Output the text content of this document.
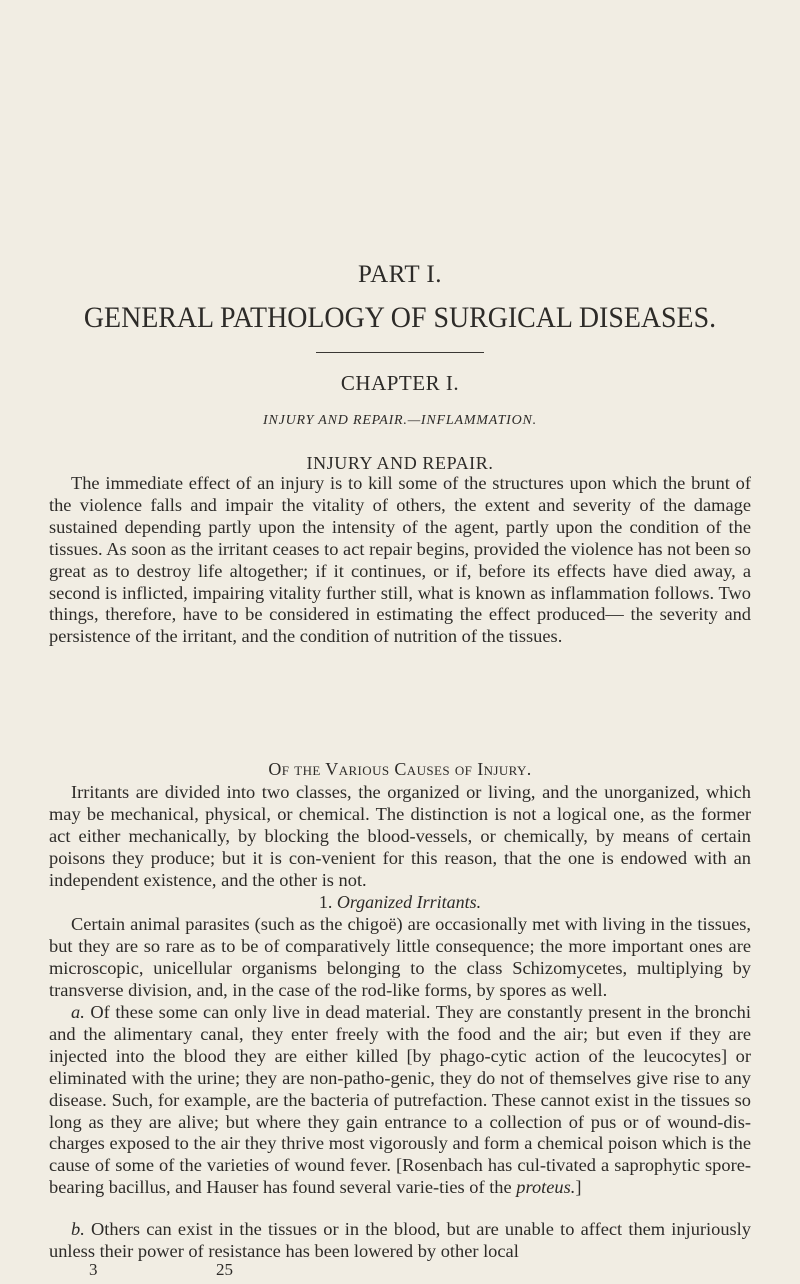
PART I.
GENERAL PATHOLOGY OF SURGICAL DISEASES.
CHAPTER I.
INJURY AND REPAIR.—INFLAMMATION.
INJURY AND REPAIR.

The immediate effect of an injury is to kill some of the structures upon which the brunt of the violence falls and impair the vitality of others, the extent and severity of the damage sustained depending partly upon the intensity of the agent, partly upon the condition of the tissues. As soon as the irritant ceases to act repair begins, provided the violence has not been so great as to destroy life altogether; if it continues, or if, before its effects have died away, a second is inflicted, impairing vitality further still, what is known as inflammation follows. Two things, therefore, have to be considered in estimating the effect produced— the severity and persistence of the irritant, and the condition of nutrition of the tissues.

Of the Various Causes of Injury.

Irritants are divided into two classes, the organized or living, and the unorganized, which may be mechanical, physical, or chemical. The distinction is not a logical one, as the former act either mechanically, by blocking the blood-vessels, or chemically, by means of certain poisons they produce; but it is con-venient for this reason, that the one is endowed with an independent existence, and the other is not.

1. Organized Irritants.

Certain animal parasites (such as the chigoë) are occasionally met with living in the tissues, but they are so rare as to be of comparatively little consequence; the more important ones are microscopic, unicellular organisms belonging to the class Schizomycetes, multiplying by transverse division, and, in the case of the rod-like forms, by spores as well.

a. Of these some can only live in dead material. They are constantly present in the bronchi and the alimentary canal, they enter freely with the food and the air; but even if they are injected into the blood they are either killed [by phago-cytic action of the leucocytes] or eliminated with the urine; they are non-patho-genic, they do not of themselves give rise to any disease. Such, for example, are the bacteria of putrefaction. These cannot exist in the tissues so long as they are alive; but where they gain entrance to a collection of pus or of wound-dis-charges exposed to the air they thrive most vigorously and form a chemical poison which is the cause of some of the varieties of wound fever. [Rosenbach has cul-tivated a saprophytic spore-bearing bacillus, and Hauser has found several varie-ties of the proteus.]

b. Others can exist in the tissues or in the blood, but are unable to affect them injuriously unless their power of resistance has been lowered by other local

3	25
